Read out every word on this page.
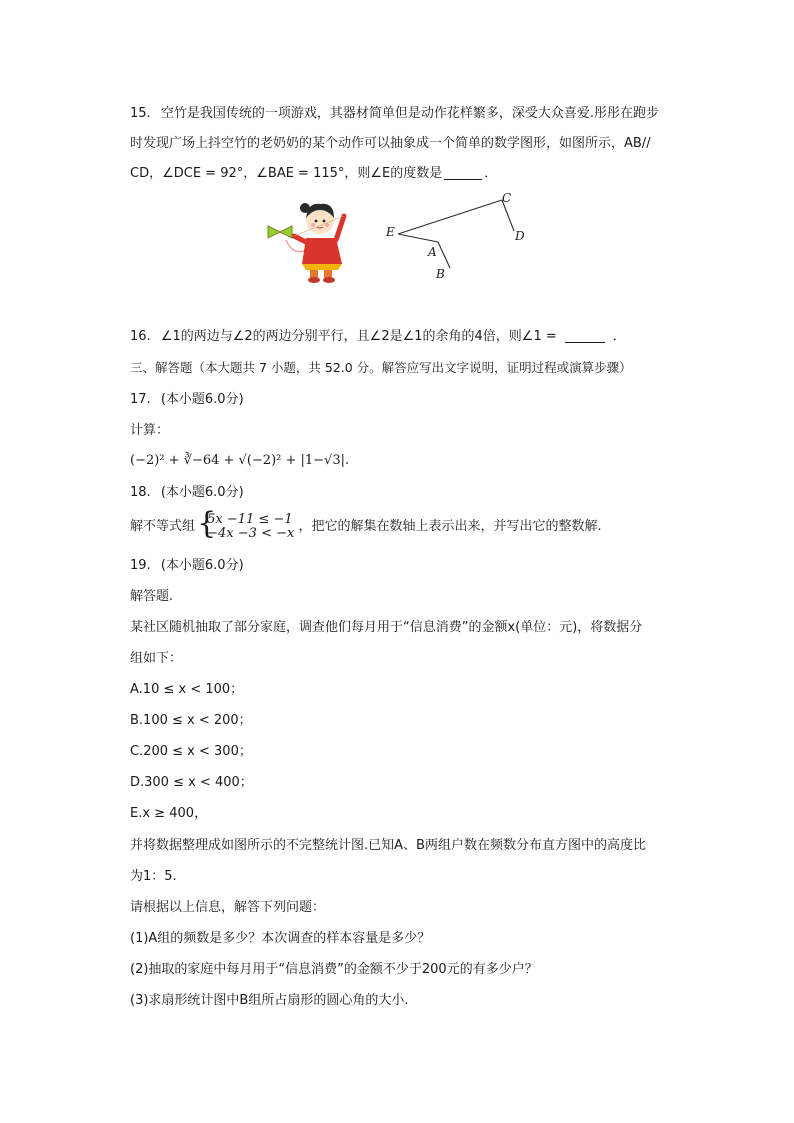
15. 空竹是我国传统的一项游戏，其器材简单但是动作花样繁多，深受大众喜爱.彤彤在跑步
时发现广场上抖空竹的老奶奶的某个动作可以抽象成一个简单的数学图形，如图所示，AB//
CD，∠DCE = 92°，∠BAE = 115°，则∠E的度数是	．
C
D
E
A
B
16. ∠1的两边与∠2的两边分别平行，且∠2是∠1的余角的4倍，则∠1 =	．
三、解答题（本大题共 7 小题，共 52.0 分。解答应写出文字说明，证明过程或演算步骤）
17. (本小题6.0分)
计算：
(−2)² + ∛−64 + √(−2)² + |1−√3|.
18. (本小题6.0分)
解不等式组 {
5x −11 ≤ −1
−4x −3 < −x ，把它的解集在数轴上表示出来，并写出它的整数解.
19. (本小题6.0分)
解答题.
某社区随机抽取了部分家庭，调查他们每月用于“信息消费”的金额x(单位：元)，将数据分
组如下：
A.10 ≤ x < 100；
B.100 ≤ x < 200；
C.200 ≤ x < 300；
D.300 ≤ x < 400；
E.x ≥ 400，
并将数据整理成如图所示的不完整统计图.已知A、B两组户数在频数分布直方图中的高度比
为1：5.
请根据以上信息，解答下列问题：
(1)A组的频数是多少？本次调查的样本容量是多少？
(2)抽取的家庭中每月用于“信息消费”的金额不少于200元的有多少户？
(3)求扇形统计图中B组所占扇形的圆心角的大小.
